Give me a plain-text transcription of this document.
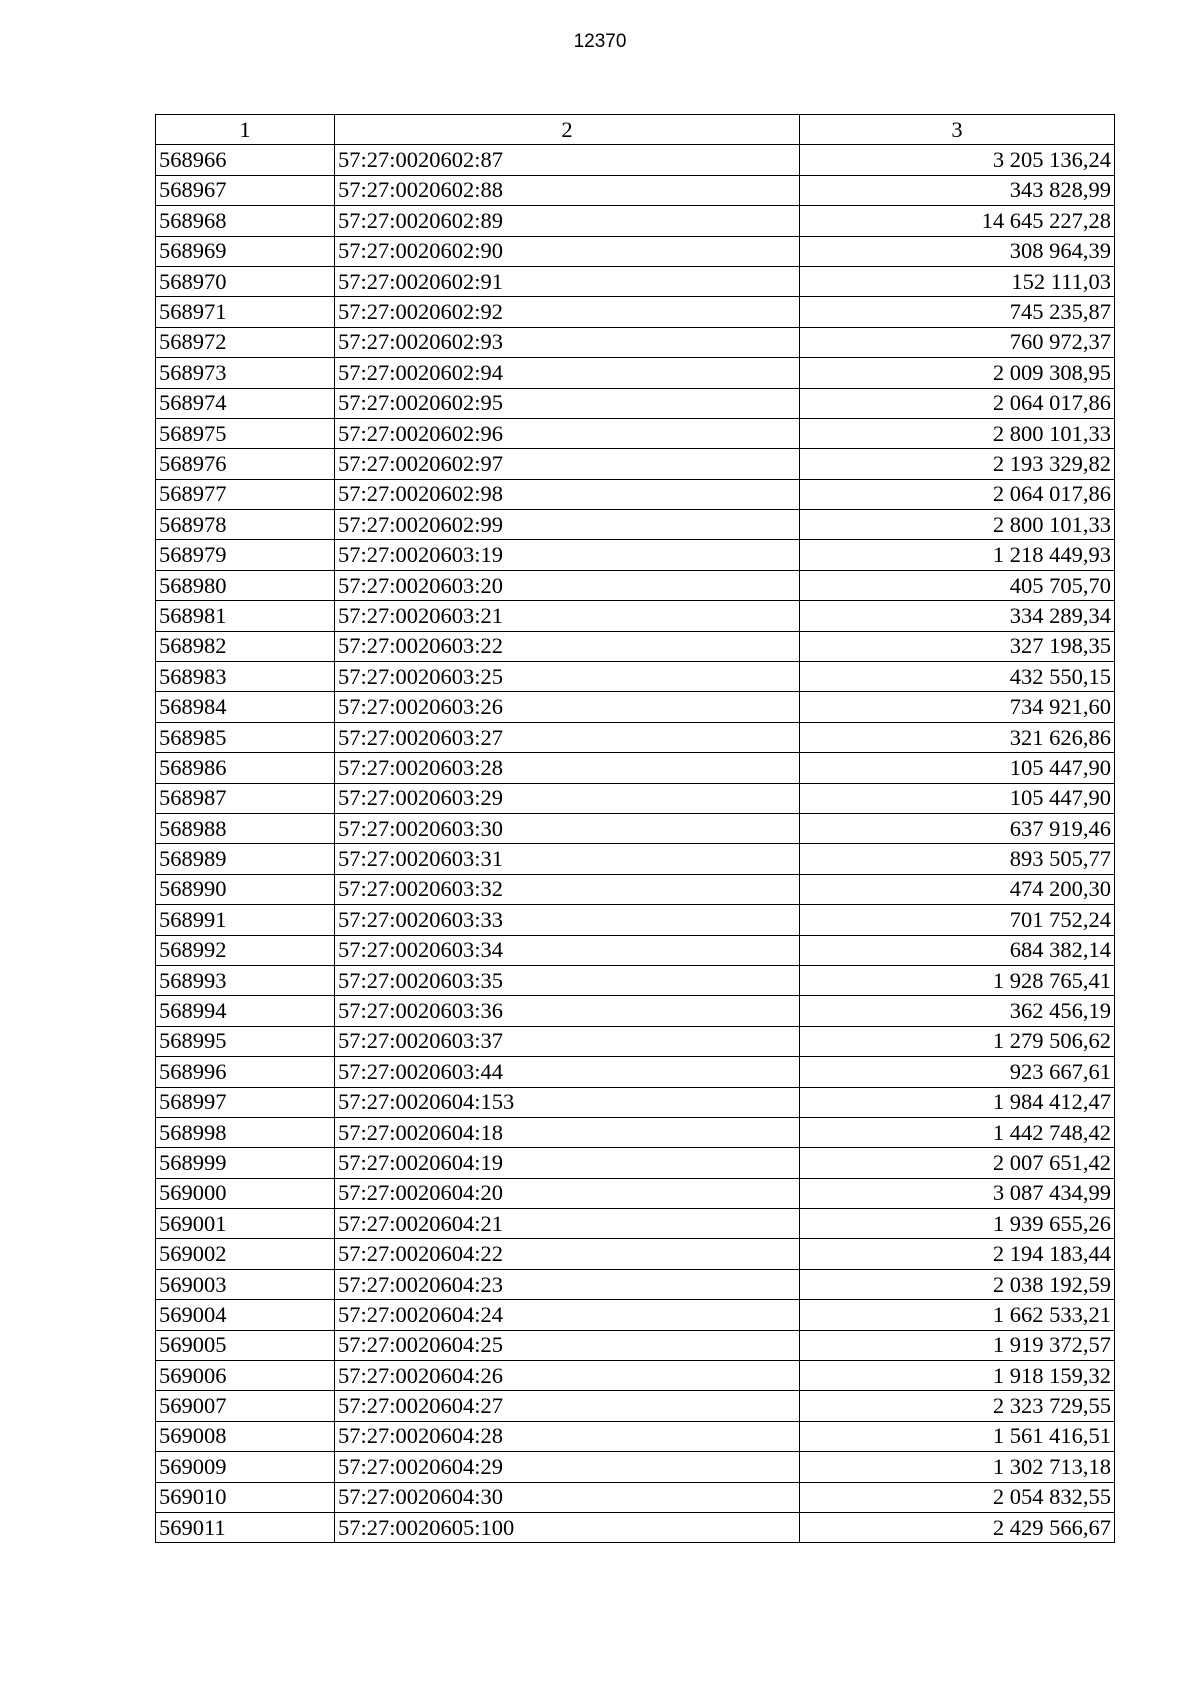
12370
1	2	3
568966	57:27:0020602:87	3 205 136,24
568967	57:27:0020602:88	343 828,99
568968	57:27:0020602:89	14 645 227,28
568969	57:27:0020602:90	308 964,39
568970	57:27:0020602:91	152 111,03
568971	57:27:0020602:92	745 235,87
568972	57:27:0020602:93	760 972,37
568973	57:27:0020602:94	2 009 308,95
568974	57:27:0020602:95	2 064 017,86
568975	57:27:0020602:96	2 800 101,33
568976	57:27:0020602:97	2 193 329,82
568977	57:27:0020602:98	2 064 017,86
568978	57:27:0020602:99	2 800 101,33
568979	57:27:0020603:19	1 218 449,93
568980	57:27:0020603:20	405 705,70
568981	57:27:0020603:21	334 289,34
568982	57:27:0020603:22	327 198,35
568983	57:27:0020603:25	432 550,15
568984	57:27:0020603:26	734 921,60
568985	57:27:0020603:27	321 626,86
568986	57:27:0020603:28	105 447,90
568987	57:27:0020603:29	105 447,90
568988	57:27:0020603:30	637 919,46
568989	57:27:0020603:31	893 505,77
568990	57:27:0020603:32	474 200,30
568991	57:27:0020603:33	701 752,24
568992	57:27:0020603:34	684 382,14
568993	57:27:0020603:35	1 928 765,41
568994	57:27:0020603:36	362 456,19
568995	57:27:0020603:37	1 279 506,62
568996	57:27:0020603:44	923 667,61
568997	57:27:0020604:153	1 984 412,47
568998	57:27:0020604:18	1 442 748,42
568999	57:27:0020604:19	2 007 651,42
569000	57:27:0020604:20	3 087 434,99
569001	57:27:0020604:21	1 939 655,26
569002	57:27:0020604:22	2 194 183,44
569003	57:27:0020604:23	2 038 192,59
569004	57:27:0020604:24	1 662 533,21
569005	57:27:0020604:25	1 919 372,57
569006	57:27:0020604:26	1 918 159,32
569007	57:27:0020604:27	2 323 729,55
569008	57:27:0020604:28	1 561 416,51
569009	57:27:0020604:29	1 302 713,18
569010	57:27:0020604:30	2 054 832,55
569011	57:27:0020605:100	2 429 566,67
